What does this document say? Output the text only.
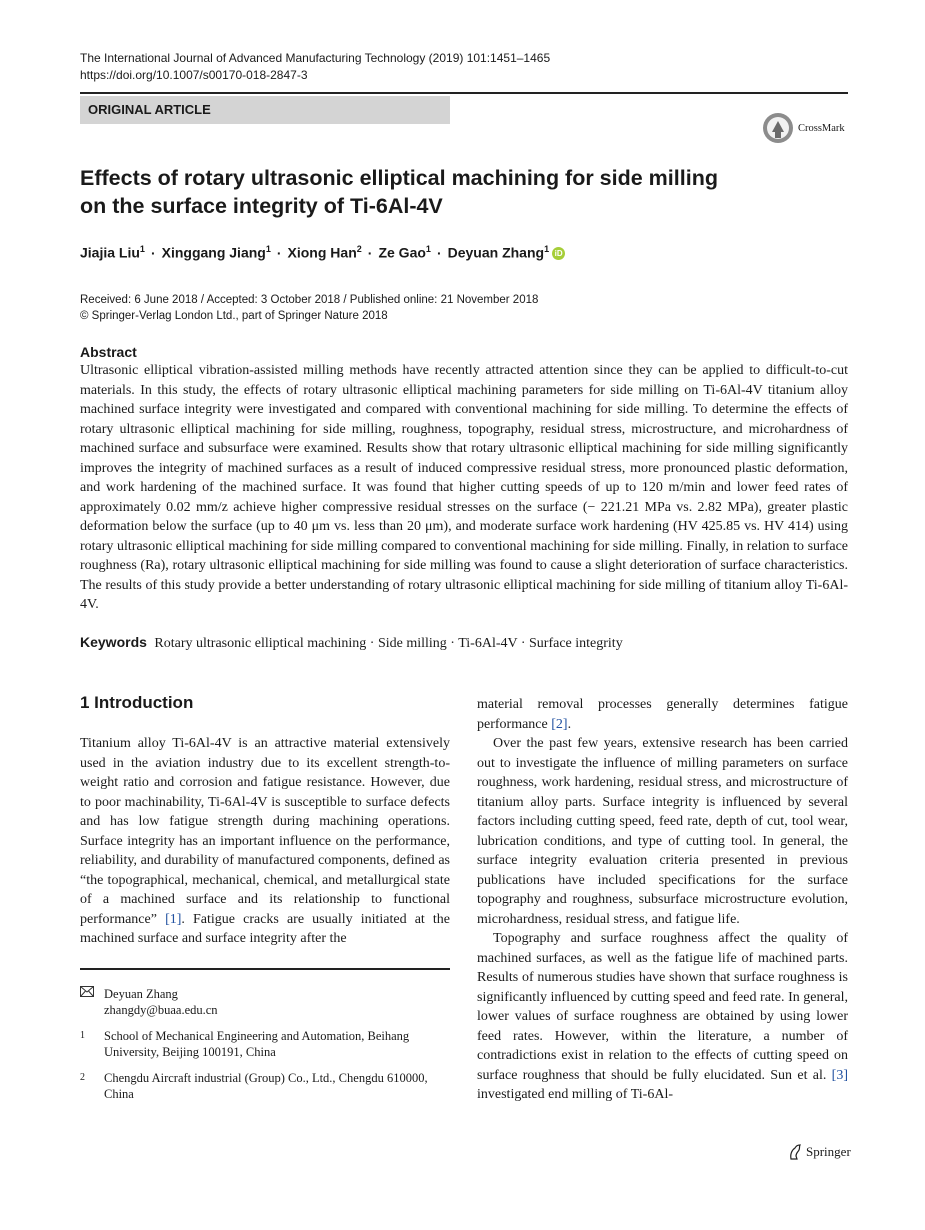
The International Journal of Advanced Manufacturing Technology (2019) 101:1451–1465
https://doi.org/10.1007/s00170-018-2847-3
ORIGINAL ARTICLE
CrossMark
Effects of rotary ultrasonic elliptical machining for side milling
on the surface integrity of Ti-6Al-4V
Jiajia Liu$^1$ · Xinggang Jiang$^1$ · Xiong Han$^2$ · Ze Gao$^1$ · Deyuan Zhang$^1$ iD
Received: 6 June 2018 / Accepted: 3 October 2018 / Published online: 21 November 2018
© Springer-Verlag London Ltd., part of Springer Nature 2018
Abstract
Ultrasonic elliptical vibration-assisted milling methods have recently attracted attention since they can be applied to difficult-to-cut materials. In this study, the effects of rotary ultrasonic elliptical machining parameters for side milling on Ti-6Al-4V titanium alloy machined surface integrity were investigated and compared with conventional machining for side milling. To determine the effects of rotary ultrasonic elliptical machining for side milling, roughness, topography, residual stress, microstructure, and microhardness of machined surface and subsurface were examined. Results show that rotary ultrasonic elliptical machining for side milling significantly improves the integrity of machined surfaces as a result of induced compressive residual stress, more pronounced plastic deformation, and work hardening of the machined surface. It was found that higher cutting speeds of up to 120 m/min and lower feed rates of approximately 0.02 mm/z achieve higher compressive residual stresses on the surface (− 221.21 MPa vs. 2.82 MPa), greater plastic deformation below the surface (up to 40 μm vs. less than 20 μm), and moderate surface work hardening (HV 425.85 vs. HV 414) using rotary ultrasonic elliptical machining for side milling compared to conventional machining for side milling. Finally, in relation to surface roughness (Ra), rotary ultrasonic elliptical machining for side milling was found to cause a slight deterioration of surface characteristics. The results of this study provide a better understanding of rotary ultrasonic elliptical machining for side milling of titanium alloy Ti-6Al-4V.
Keywords Rotary ultrasonic elliptical machining · Side milling · Ti-6Al-4V · Surface integrity
1 Introduction

Titanium alloy Ti-6Al-4V is an attractive material extensively used in the aviation industry due to its excellent strength-to-weight ratio and corrosion and fatigue resistance. However, due to poor machinability, Ti-6Al-4V is susceptible to surface defects and has low fatigue strength during machining operations. Surface integrity has an important influence on the performance, reliability, and durability of manufactured components, defined as “the topographical, mechanical, chemical, and metallurgical state of a machined surface and its relationship to functional performance” [1]. Fatigue cracks are usually initiated at the machined surface and surface integrity after the

material removal processes generally determines fatigue performance [2].

Over the past few years, extensive research has been carried out to investigate the influence of milling parameters on surface roughness, work hardening, residual stress, and microstructure of titanium alloy parts. Surface integrity is influenced by several factors including cutting speed, feed rate, depth of cut, tool wear, lubrication conditions, and type of cutting tool. In general, the surface integrity evaluation criteria presented in previous publications have included specifications for the surface topography and roughness, subsurface microstructure evolution, microhardness, residual stress, and fatigue life.

Topography and surface roughness affect the quality of machined surfaces, as well as the fatigue life of machined parts. Results of numerous studies have shown that surface roughness is significantly influenced by cutting speed and feed rate. In general, lower values of surface roughness are obtained by using lower feed rates. However, within the literature, a number of contradictions exist in relation to the effects of cutting speed on surface roughness that should be fully elucidated. Sun et al. [3] investigated end milling of Ti-6Al-

Deyuan Zhang
zhangdy@buaa.edu.cn
1	School of Mechanical Engineering and Automation, Beihang University, Beijing 100191, China
2	Chengdu Aircraft industrial (Group) Co., Ltd., Chengdu 610000, China
Springer
